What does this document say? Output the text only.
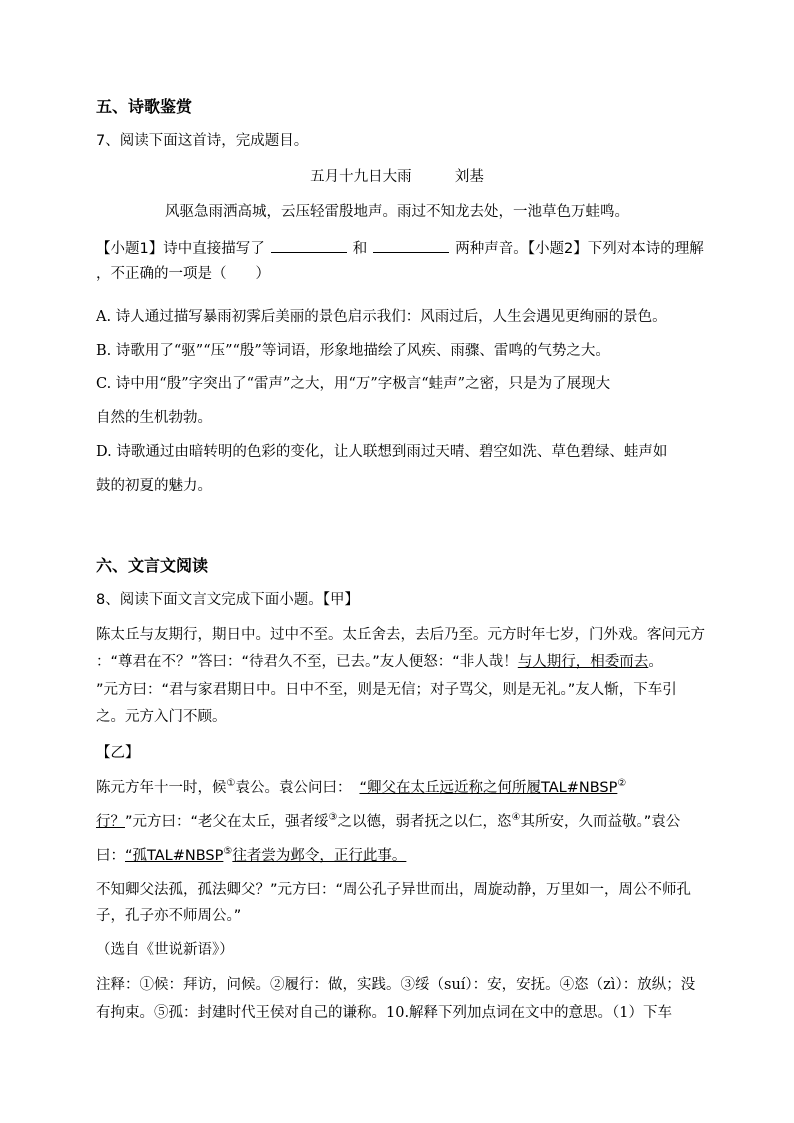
五、诗歌鉴赏
7、阅读下面这首诗，完成题目。
五月十九日大雨	刘基
风驱急雨洒高城，云压轻雷殷地声。雨过不知龙去处，一池草色万蛙鸣。
【小题1】诗中直接描写了	和	两种声音。【小题2】下列对本诗的理解
，不正确的一项是（　　）
A. 诗人通过描写暴雨初霁后美丽的景色启示我们：风雨过后，人生会遇见更绚丽的景色。
B. 诗歌用了“驱”“压”“殷”等词语，形象地描绘了风疾、雨骤、雷鸣的气势之大。
C. 诗中用“殷”字突出了“雷声”之大，用“万”字极言“蛙声”之密，只是为了展现大
自然的生机勃勃。
D. 诗歌通过由暗转明的色彩的变化，让人联想到雨过天晴、碧空如洗、草色碧绿、蛙声如
鼓的初夏的魅力。
六、文言文阅读
8、阅读下面文言文完成下面小题。【甲】
陈太丘与友期行，期日中。过中不至。太丘舍去，去后乃至。元方时年七岁，门外戏。客问元方
：“尊君在不？”答曰：“待君久不至，已去。”友人便怒：“非人哉！与人期行，相委而去。
”元方曰：“君与家君期日中。日中不至，则是无信；对子骂父，则是无礼。”友人惭，下车引
之。元方入门不顾。
【乙】
陈元方年十一时，候①袁公。袁公问曰： “卿父在太丘远近称之何所履TAL#NBSP②
行？”元方曰：“老父在太丘，强者绥③之以德，弱者抚之以仁，恣④其所安，久而益敬。”袁公
曰：“孤TAL#NBSP⑤往者尝为邺令，正行此事。
不知卿父法孤，孤法卿父？”元方曰：“周公孔子异世而出，周旋动静，万里如一，周公不师孔
子，孔子亦不师周公。”
（选自《世说新语》）
注释：①候：拜访，问候。②履行：做，实践。③绥（suí）：安，安抚。④恣（zì）：放纵；没
有拘束。⑤孤：封建时代王侯对自己的谦称。10.解释下列加点词在文中的意思。（1）下车
